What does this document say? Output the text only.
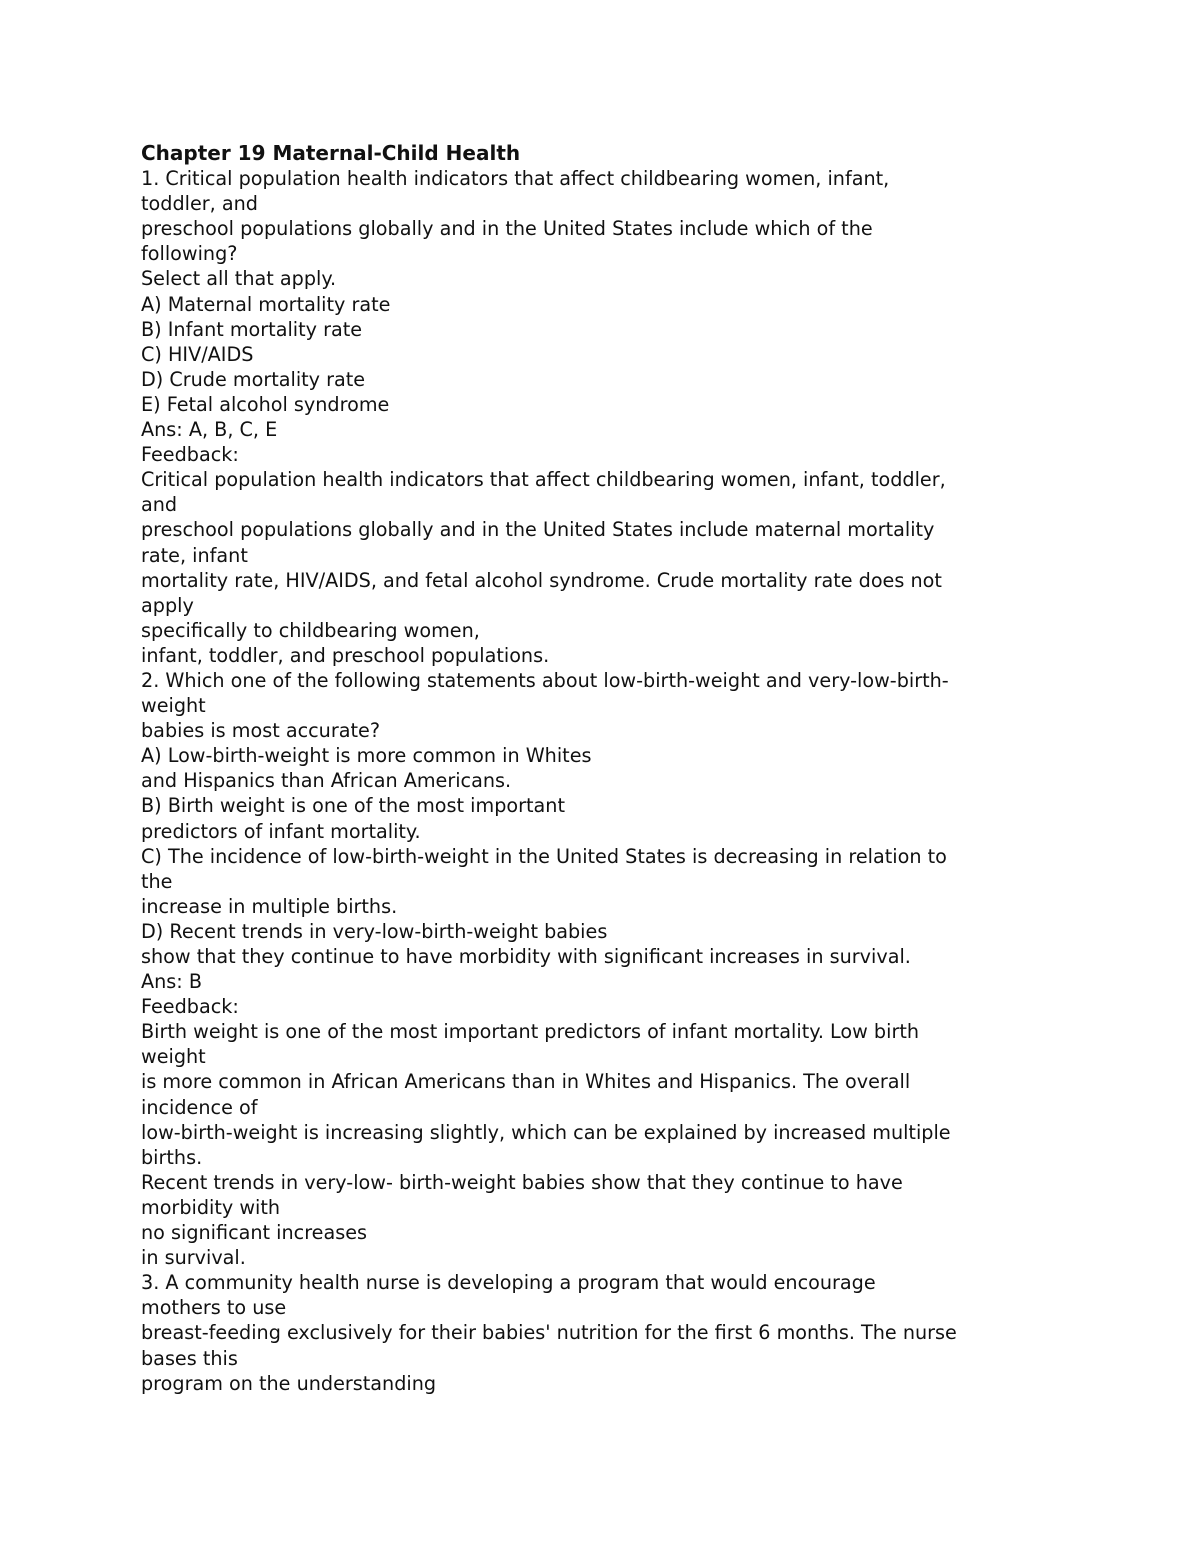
Chapter 19 Maternal-Child Health
1. Critical population health indicators that affect childbearing women, infant,
toddler, and
preschool populations globally and in the United States include which of the
following?
Select all that apply.
A) Maternal mortality rate
B) Infant mortality rate
C) HIV/AIDS
D) Crude mortality rate
E) Fetal alcohol syndrome
Ans: A, B, C, E
Feedback:
Critical population health indicators that affect childbearing women, infant, toddler,
and
preschool populations globally and in the United States include maternal mortality
rate, infant
mortality rate, HIV/AIDS, and fetal alcohol syndrome. Crude mortality rate does not
apply
specifically to childbearing women,
infant, toddler, and preschool populations.
2. Which one of the following statements about low-birth-weight and very-low-birth-
weight
babies is most accurate?
A) Low-birth-weight is more common in Whites
and Hispanics than African Americans.
B) Birth weight is one of the most important
predictors of infant mortality.
C) The incidence of low-birth-weight in the United States is decreasing in relation to
the
increase in multiple births.
D) Recent trends in very-low-birth-weight babies
show that they continue to have morbidity with significant increases in survival.
Ans: B
Feedback:
Birth weight is one of the most important predictors of infant mortality. Low birth
weight
is more common in African Americans than in Whites and Hispanics. The overall
incidence of
low-birth-weight is increasing slightly, which can be explained by increased multiple
births.
Recent trends in very-low- birth-weight babies show that they continue to have
morbidity with
no significant increases
in survival.
3. A community health nurse is developing a program that would encourage
mothers to use
breast-feeding exclusively for their babies' nutrition for the first 6 months. The nurse
bases this
program on the understanding
